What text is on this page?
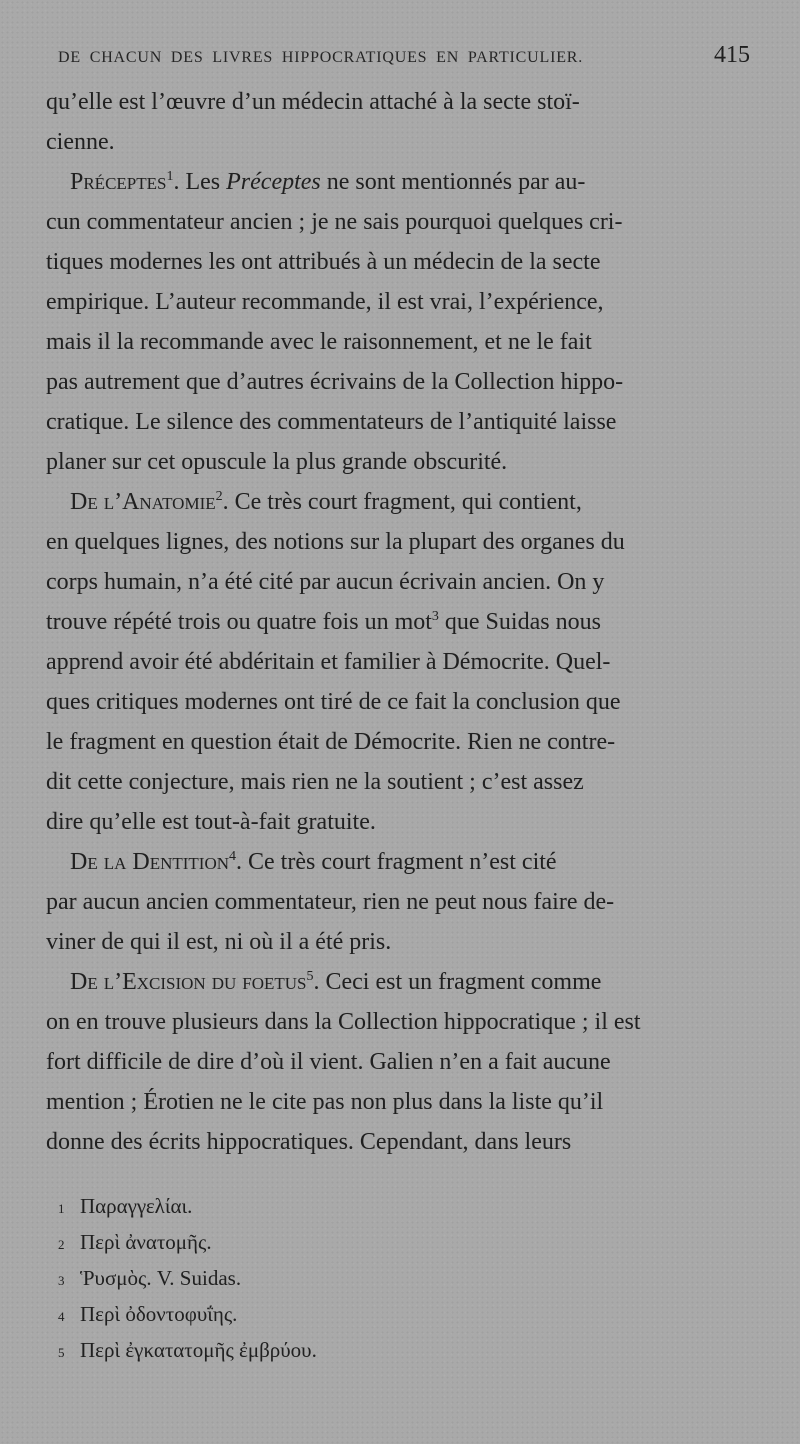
DE CHACUN DES LIVRES HIPPOCRATIQUES EN PARTICULIER.	415

qu’elle est l’œuvre d’un médecin attaché à la secte stoï-

cienne.

Préceptes$^1$. Les Préceptes ne sont mentionnés par au-

cun commentateur ancien ; je ne sais pourquoi quelques cri-

tiques modernes les ont attribués à un médecin de la secte

empirique. L’auteur recommande, il est vrai, l’expérience,

mais il la recommande avec le raisonnement, et ne le fait

pas autrement que d’autres écrivains de la Collection hippo-

cratique. Le silence des commentateurs de l’antiquité laisse

planer sur cet opuscule la plus grande obscurité.

De l’Anatomie$^2$. Ce très court fragment, qui contient,

en quelques lignes, des notions sur la plupart des organes du

corps humain, n’a été cité par aucun écrivain ancien. On y

trouve répété trois ou quatre fois un mot$^3$ que Suidas nous

apprend avoir été abdéritain et familier à Démocrite. Quel-

ques critiques modernes ont tiré de ce fait la conclusion que

le fragment en question était de Démocrite. Rien ne contre-

dit cette conjecture, mais rien ne la soutient ; c’est assez

dire qu’elle est tout-à-fait gratuite.

De la Dentition$^4$. Ce très court fragment n’est cité

par aucun ancien commentateur, rien ne peut nous faire de-

viner de qui il est, ni où il a été pris.

De l’Excision du foetus$^5$. Ceci est un fragment comme

on en trouve plusieurs dans la Collection hippocratique ; il est

fort difficile de dire d’où il vient. Galien n’en a fait aucune

mention ; Érotien ne le cite pas non plus dans la liste qu’il

donne des écrits hippocratiques. Cependant, dans leurs

1 Παραγγελίαι.
2 Περὶ ἀνατομῆς.
3 Ῥυσμὸς. V. Suidas.
4 Περὶ ὀδοντοφυΐης.
5 Περὶ ἐγκατατομῆς ἐμβρύου.
